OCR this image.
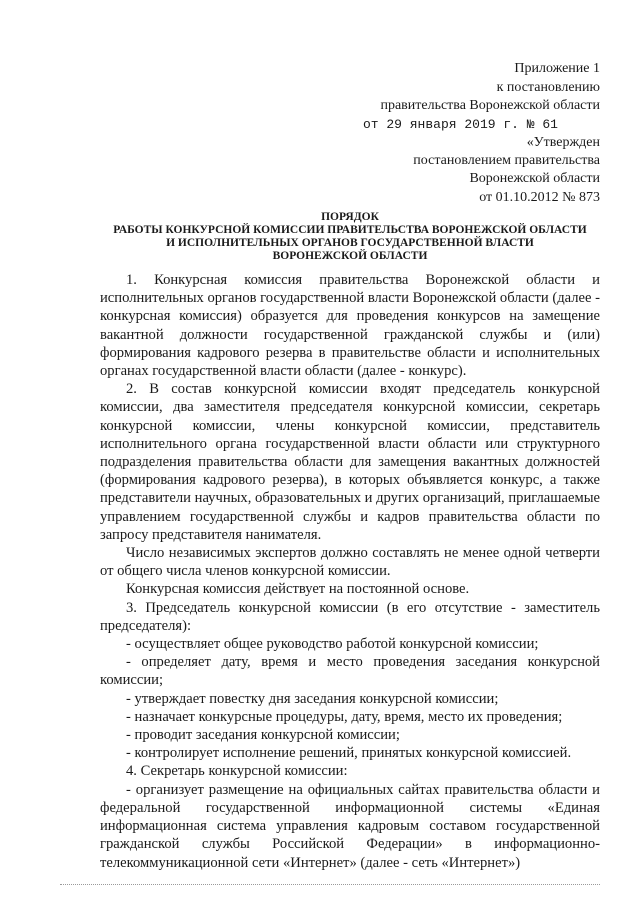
Приложение 1
к постановлению
правительства Воронежской области
от 29 января 2019 г. № 61
«Утвержден
постановлением правительства
Воронежской области
от 01.10.2012 № 873
ПОРЯДОК
РАБОТЫ КОНКУРСНОЙ КОМИССИИ ПРАВИТЕЛЬСТВА ВОРОНЕЖСКОЙ ОБЛАСТИ
И ИСПОЛНИТЕЛЬНЫХ ОРГАНОВ ГОСУДАРСТВЕННОЙ ВЛАСТИ
ВОРОНЕЖСКОЙ ОБЛАСТИ

1. Конкурсная комиссия правительства Воронежской области и исполнительных органов государственной власти Воронежской области (далее - конкурсная комиссия) образуется для проведения конкурсов на замещение вакантной должности государственной гражданской службы и (или) формирования кадрового резерва в правительстве области и исполнительных органах государственной власти области (далее - конкурс).

2. В состав конкурсной комиссии входят председатель конкурсной комиссии, два заместителя председателя конкурсной комиссии, секретарь конкурсной комиссии, члены конкурсной комиссии, представитель исполнительного органа государственной власти области или структурного подразделения правительства области для замещения вакантных должностей (формирования кадрового резерва), в которых объявляется конкурс, а также представители научных, образовательных и других организаций, приглашаемые управлением государственной службы и кадров правительства области по запросу представителя нанимателя.

Число независимых экспертов должно составлять не менее одной четверти от общего числа членов конкурсной комиссии.

Конкурсная комиссия действует на постоянной основе.

3. Председатель конкурсной комиссии (в его отсутствие - заместитель председателя):

- осуществляет общее руководство работой конкурсной комиссии;

- определяет дату, время и место проведения заседания конкурсной комиссии;

- утверждает повестку дня заседания конкурсной комиссии;

- назначает конкурсные процедуры, дату, время, место их проведения;

- проводит заседания конкурсной комиссии;

- контролирует исполнение решений, принятых конкурсной комиссией.

4. Секретарь конкурсной комиссии:

- организует размещение на официальных сайтах правительства области и федеральной государственной информационной системы «Единая информационная система управления кадровым составом государственной гражданской службы Российской Федерации» в информационно-телекоммуникационной сети «Интернет» (далее - сеть «Интернет»)
